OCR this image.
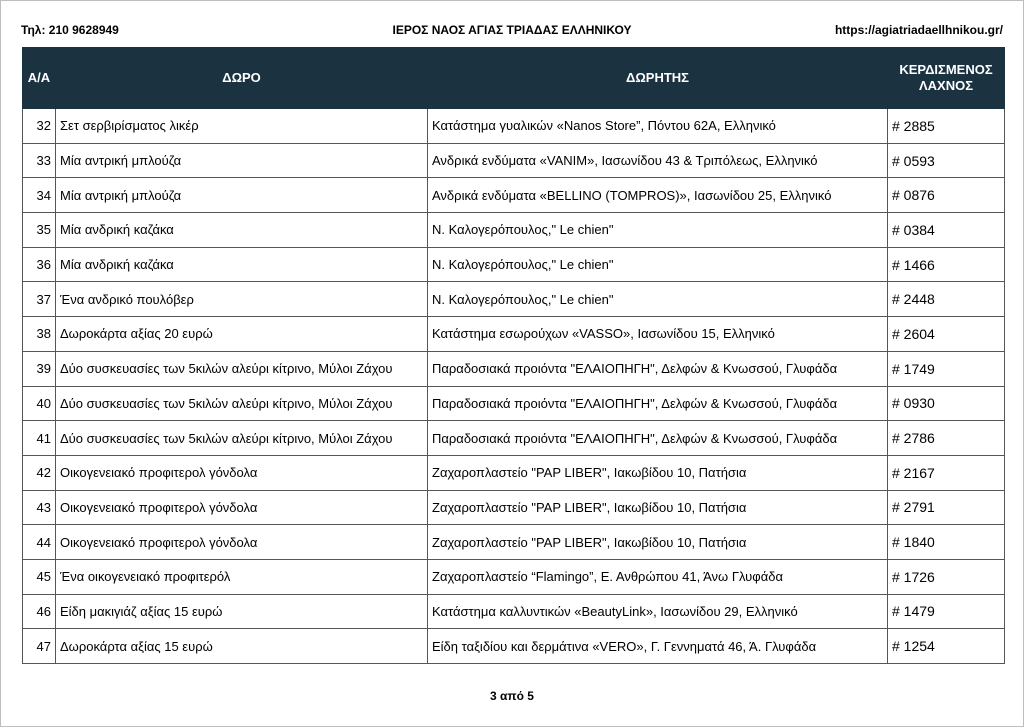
Τηλ: 210 9628949	ΙΕΡΟΣ ΝΑΟΣ ΑΓΙΑΣ ΤΡΙΑΔΑΣ ΕΛΛΗΝΙΚΟΥ	https://agiatriadaellhnikou.gr/
Α/Α	ΔΩΡΟ	ΔΩΡΗΤΗΣ	ΚΕΡΔΙΣΜΕΝΟΣ ΛΑΧΝΟΣ
32	Σετ σερβιρίσματος λικέρ	Κατάστημα γυαλικών «Nanos Store”, Πόντου 62Α, Ελληνικό	# 2885
33	Μία αντρική μπλούζα	Ανδρικά ενδύματα «VANIM», Ιασωνίδου 43 & Τριπόλεως, Ελληνικό	# 0593
34	Μία αντρική μπλούζα	Ανδρικά ενδύματα «BELLINO (TOMPROS)», Ιασωνίδου 25, Ελληνικό	# 0876
35	Μία ανδρική καζάκα	Ν. Καλογερόπουλος," Le chien"	# 0384
36	Μία ανδρική καζάκα	Ν. Καλογερόπουλος," Le chien"	# 1466
37	Ένα ανδρικό πουλόβερ	Ν. Καλογερόπουλος," Le chien"	# 2448
38	Δωροκάρτα αξίας 20 ευρώ	Κατάστημα εσωρούχων «VASSO», Ιασωνίδου 15, Ελληνικό	# 2604
39	Δύο συσκευασίες των 5κιλών αλεύρι κίτρινο, Μύλοι Ζάχου	Παραδοσιακά προιόντα "ΕΛΑΙΟΠΗΓΗ", Δελφών & Κνωσσού, Γλυφάδα	# 1749
40	Δύο συσκευασίες των 5κιλών αλεύρι κίτρινο, Μύλοι Ζάχου	Παραδοσιακά προιόντα "ΕΛΑΙΟΠΗΓΗ", Δελφών & Κνωσσού, Γλυφάδα	# 0930
41	Δύο συσκευασίες των 5κιλών αλεύρι κίτρινο, Μύλοι Ζάχου	Παραδοσιακά προιόντα "ΕΛΑΙΟΠΗΓΗ", Δελφών & Κνωσσού, Γλυφάδα	# 2786
42	Οικογενειακό προφιτερολ γόνδολα	Ζαχαροπλαστείο "PAP LIBER", Ιακωβίδου 10, Πατήσια	# 2167
43	Οικογενειακό προφιτερολ γόνδολα	Ζαχαροπλαστείο "PAP LIBER", Ιακωβίδου 10, Πατήσια	# 2791
44	Οικογενειακό προφιτερολ γόνδολα	Ζαχαροπλαστείο "PAP LIBER", Ιακωβίδου 10, Πατήσια	# 1840
45	Ένα οικογενειακό προφιτερόλ	Ζαχαροπλαστείο “Flamingo”, Ε. Ανθρώπου 41, Άνω Γλυφάδα	# 1726
46	Είδη μακιγιάζ αξίας 15 ευρώ	Κατάστημα καλλυντικών «BeautyLink», Ιασωνίδου 29, Ελληνικό	# 1479
47	Δωροκάρτα αξίας 15 ευρώ	Είδη ταξιδίου και δερμάτινα «VERO», Γ. Γεννηματά 46, Ά. Γλυφάδα	# 1254
3 από 5
